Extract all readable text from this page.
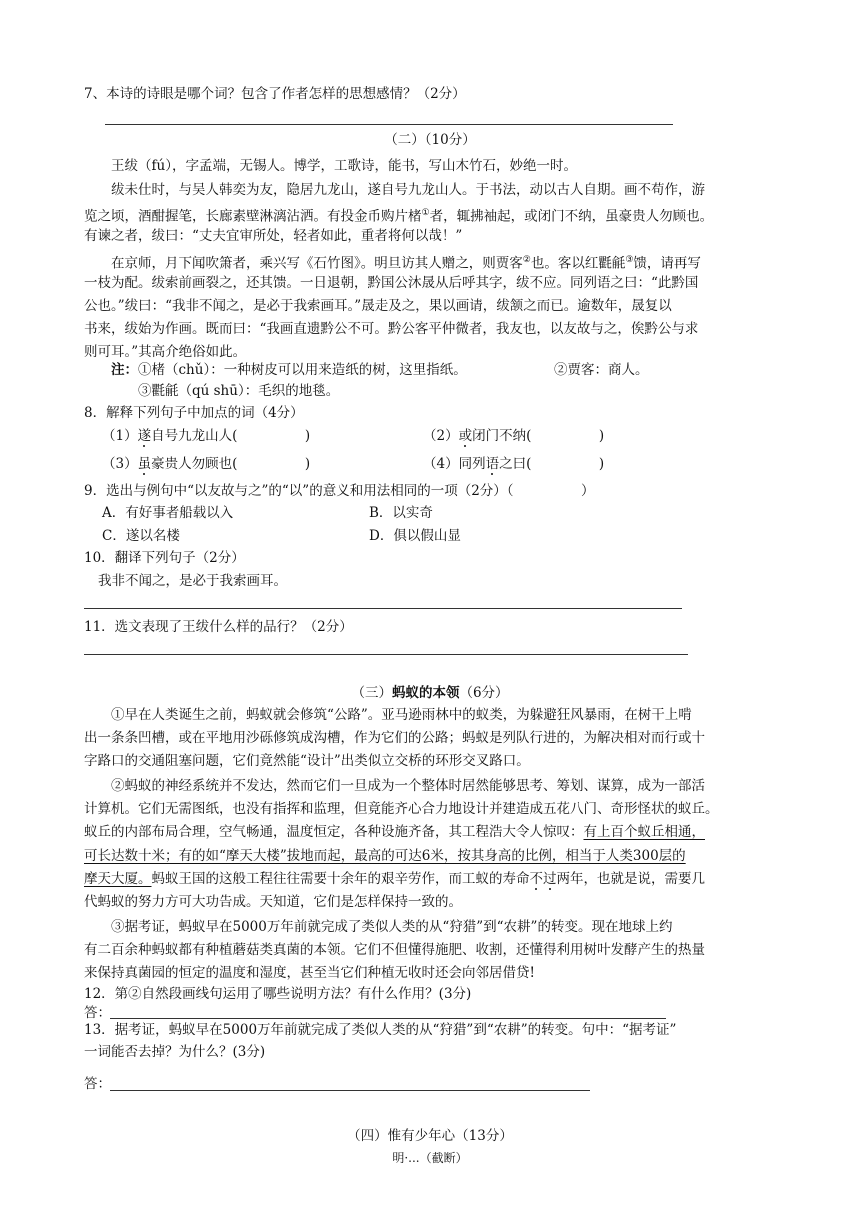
7、本诗的诗眼是哪个词？包含了作者怎样的思想感情？（2分）
（二）（10分）
王绂（fú），字孟端，无锡人。博学，工歌诗，能书，写山木竹石，妙绝一时。
绂未仕时，与吴人韩奕为友，隐居九龙山，遂自号九龙山人。于书法，动以古人自期。画不苟作，游
览之顷，酒酣握笔，长廊素壁淋漓沾洒。有投金币购片楮①者，辄拂袖起，或闭门不纳，虽豪贵人勿顾也。
有谏之者，绂曰：“丈夫宜审所处，轻者如此，重者将何以哉！”
在京师，月下闻吹箫者，乘兴写《石竹图》。明旦访其人赠之，则贾客②也。客以红氍毹③馈，请再写
一枝为配。绂索前画裂之，还其馈。一日退朝，黔国公沐晟从后呼其字，绂不应。同列语之曰：“此黔国
公也。”绂曰：“我非不闻之，是必于我索画耳。”晟走及之，果以画请，绂颔之而已。逾数年，晟复以
书来，绂始为作画。既而曰：“我画直遗黔公不可。黔公客平仲微者，我友也，以友故与之，俟黔公与求
则可耳。”其高介绝俗如此。
注：①楮（chǔ）：一种树皮可以用来造纸的树，这里指纸。	②贾客：商人。
③氍毹（qú shū）：毛织的地毯。
8．解释下列句子中加点的词（4分）
（1）遂自号九龙山人(　　　　　)	（2）或闭门不纳(　　　　　)
（3）虽豪贵人勿顾也(　　　　　)	（4）同列语之曰(　　　　　)
9．选出与例句中“以友故与之”的“以”的意义和用法相同的一项（2分）（　　　　　）
A．有好事者船载以入	B．以实奇
C．遂以名楼	D．俱以假山显
10．翻译下列句子（2分）
我非不闻之，是必于我索画耳。
11．选文表现了王绂什么样的品行？（2分）
（三）蚂蚁的本领（6分）
①早在人类诞生之前，蚂蚁就会修筑“公路”。亚马逊雨林中的蚁类，为躲避狂风暴雨，在树干上啃
出一条条凹槽，或在平地用沙砾修筑成沟槽，作为它们的公路；蚂蚁是列队行进的，为解决相对而行或十
字路口的交通阻塞问题，它们竟然能“设计”出类似立交桥的环形交叉路口。
②蚂蚁的神经系统并不发达，然而它们一旦成为一个整体时居然能够思考、筹划、谋算，成为一部活
计算机。它们无需图纸，也没有指挥和监理，但竟能齐心合力地设计并建造成五花八门、奇形怪状的蚁丘。
蚁丘的内部布局合理，空气畅通，温度恒定，各种设施齐备，其工程浩大令人惊叹：有上百个蚁丘相通，
可长达数十米；有的如“摩天大楼”拔地而起，最高的可达6米，按其身高的比例，相当于人类300层的
摩天大厦。蚂蚁王国的这般工程往往需要十余年的艰辛劳作，而工蚁的寿命不过两年，也就是说，需要几
代蚂蚁的努力方可大功告成。天知道，它们是怎样保持一致的。
③据考证，蚂蚁早在5000万年前就完成了类似人类的从“狩猎”到“农耕”的转变。现在地球上约
有二百余种蚂蚁都有种植蘑菇类真菌的本领。它们不但懂得施肥、收割，还懂得利用树叶发酵产生的热量
来保持真菌园的恒定的温度和湿度，甚至当它们种植无收时还会向邻居借贷!
12．第②自然段画线句运用了哪些说明方法？有什么作用？(3分)
答：
13．据考证，蚂蚁早在5000万年前就完成了类似人类的从“狩猎”到“农耕”的转变。句中：“据考证”
一词能否去掉？为什么？(3分)
答：
（四）惟有少年心（13分）
明·...（截断）
